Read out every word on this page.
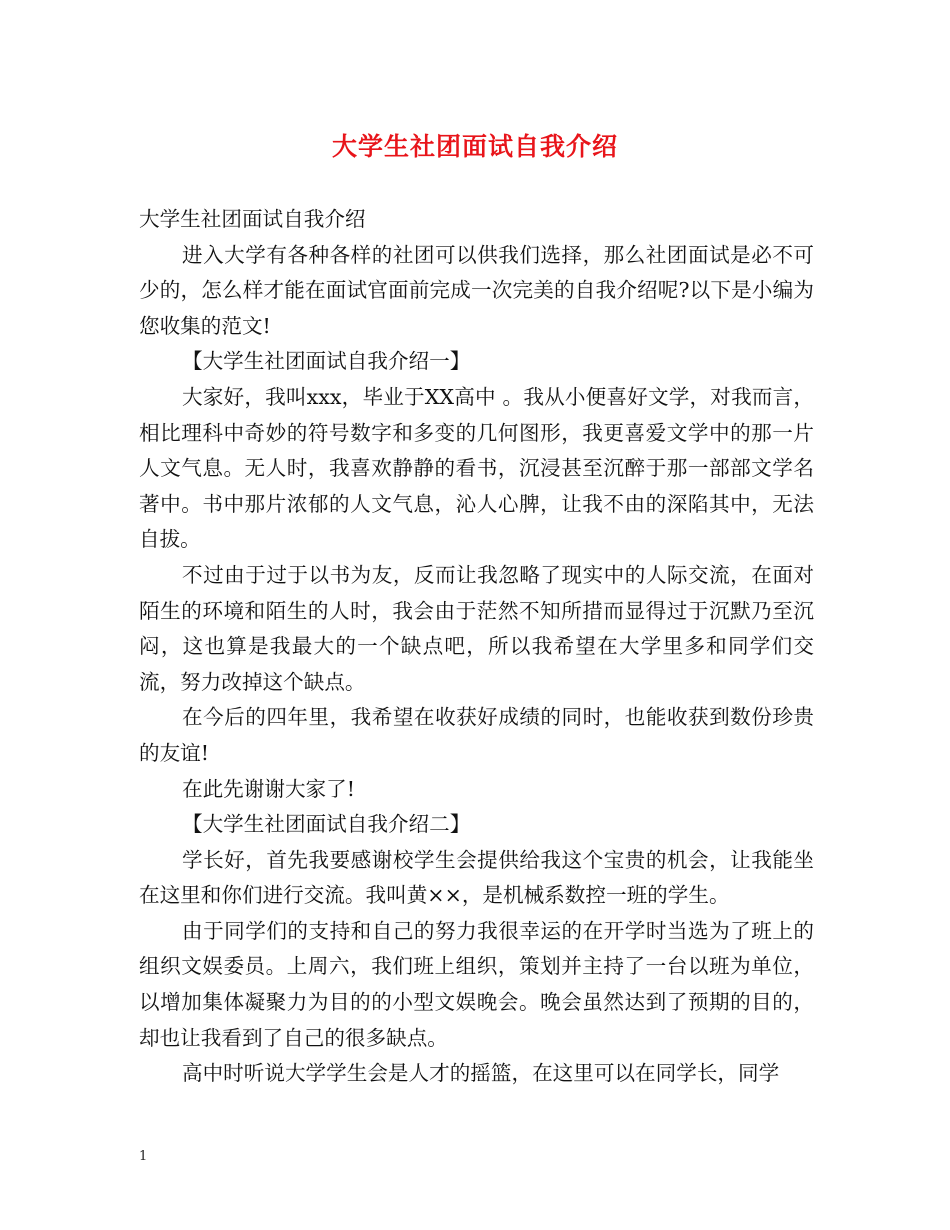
大学生社团面试自我介绍

大学生社团面试自我介绍

进入大学有各种各样的社团可以供我们选择，那么社团面试是必不可少的，怎么样才能在面试官面前完成一次完美的自我介绍呢?以下是小编为您收集的范文!

【大学生社团面试自我介绍一】

大家好，我叫xxx，毕业于XX高中 。我从小便喜好文学，对我而言，相比理科中奇妙的符号数字和多变的几何图形，我更喜爱文学中的那一片人文气息。无人时，我喜欢静静的看书，沉浸甚至沉醉于那一部部文学名著中。书中那片浓郁的人文气息，沁人心脾，让我不由的深陷其中，无法自拔。

不过由于过于以书为友，反而让我忽略了现实中的人际交流，在面对陌生的环境和陌生的人时，我会由于茫然不知所措而显得过于沉默乃至沉闷，这也算是我最大的一个缺点吧，所以我希望在大学里多和同学们交流，努力改掉这个缺点。

在今后的四年里，我希望在收获好成绩的同时，也能收获到数份珍贵的友谊!

在此先谢谢大家了!

【大学生社团面试自我介绍二】

学长好，首先我要感谢校学生会提供给我这个宝贵的机会，让我能坐在这里和你们进行交流。我叫黄××，是机械系数控一班的学生。

由于同学们的支持和自己的努力我很幸运的在开学时当选为了班上的组织文娱委员。上周六，我们班上组织，策划并主持了一台以班为单位，以增加集体凝聚力为目的的小型文娱晚会。晚会虽然达到了预期的目的，却也让我看到了自己的很多缺点。

高中时听说大学学生会是人才的摇篮，在这里可以在同学长，同学

1
